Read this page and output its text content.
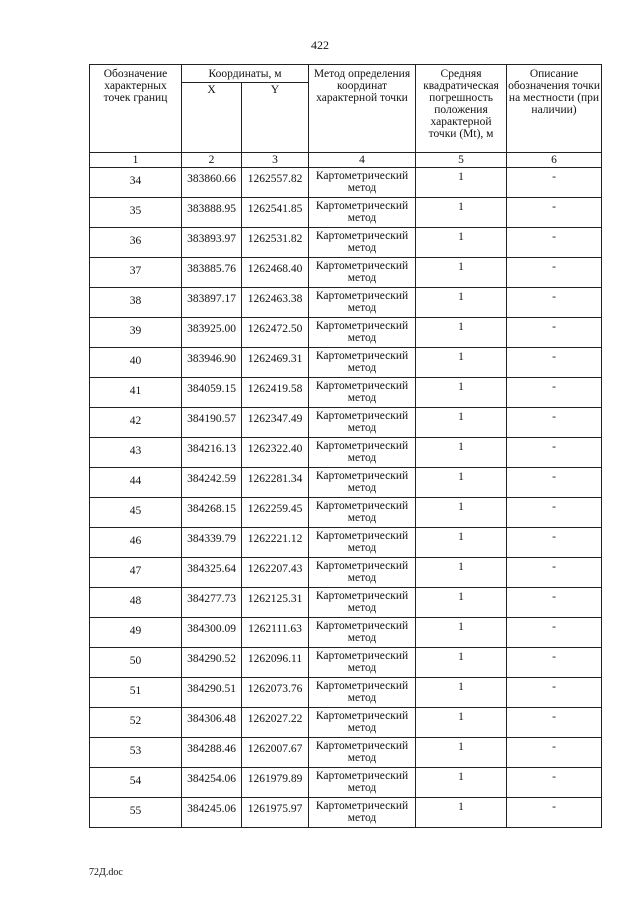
422
Обозначение характерных точек границ	Координаты, м		Метод определения координат характерной точки	Средняя квадратическая погрешность положения характерной точки (Mt), м	Описание обозначения точки на местности (при наличии)
	X	Y			
1	2	3	4	5	6
34	383860.66	1262557.82	Картометрический метод	1	-
35	383888.95	1262541.85	Картометрический метод	1	-
36	383893.97	1262531.82	Картометрический метод	1	-
37	383885.76	1262468.40	Картометрический метод	1	-
38	383897.17	1262463.38	Картометрический метод	1	-
39	383925.00	1262472.50	Картометрический метод	1	-
40	383946.90	1262469.31	Картометрический метод	1	-
41	384059.15	1262419.58	Картометрический метод	1	-
42	384190.57	1262347.49	Картометрический метод	1	-
43	384216.13	1262322.40	Картометрический метод	1	-
44	384242.59	1262281.34	Картометрический метод	1	-
45	384268.15	1262259.45	Картометрический метод	1	-
46	384339.79	1262221.12	Картометрический метод	1	-
47	384325.64	1262207.43	Картометрический метод	1	-
48	384277.73	1262125.31	Картометрический метод	1	-
49	384300.09	1262111.63	Картометрический метод	1	-
50	384290.52	1262096.11	Картометрический метод	1	-
51	384290.51	1262073.76	Картометрический метод	1	-
52	384306.48	1262027.22	Картометрический метод	1	-
53	384288.46	1262007.67	Картометрический метод	1	-
54	384254.06	1261979.89	Картометрический метод	1	-
55	384245.06	1261975.97	Картометрический метод	1	-
72Д.doc
